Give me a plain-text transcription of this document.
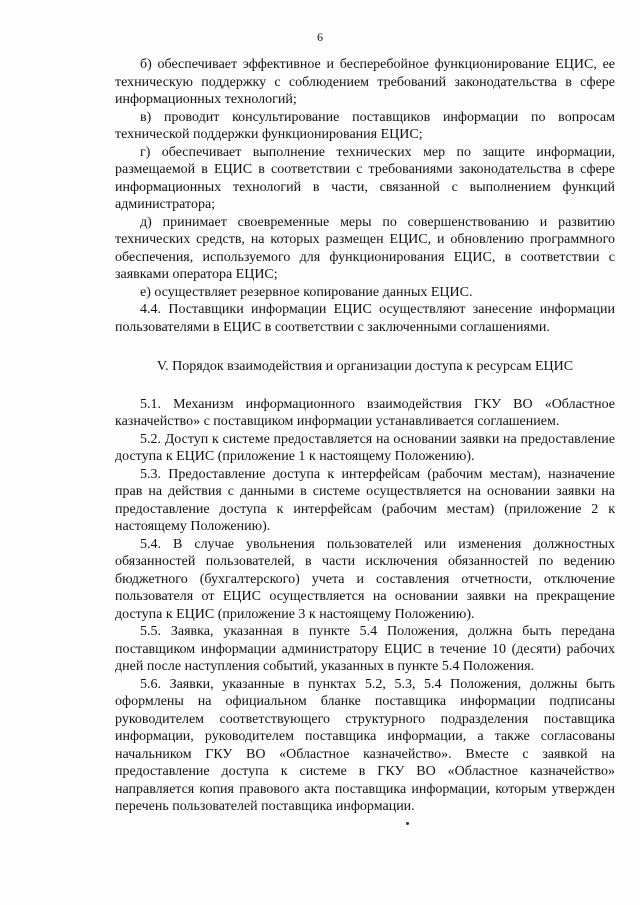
6

б) обеспечивает эффективное и бесперебойное функционирование ЕЦИС, ее техническую поддержку с соблюдением требований законодательства в сфере информационных технологий;

в) проводит консультирование поставщиков информации по вопросам технической поддержки функционирования ЕЦИС;

г) обеспечивает выполнение технических мер по защите информации, размещаемой в ЕЦИС в соответствии с требованиями законодательства в сфере информационных технологий в части, связанной с выполнением функций администратора;

д) принимает своевременные меры по совершенствованию и развитию технических средств, на которых размещен ЕЦИС, и обновлению программного обеспечения, используемого для функционирования ЕЦИС, в соответствии с заявками оператора ЕЦИС;

е) осуществляет резервное копирование данных ЕЦИС.

4.4. Поставщики информации ЕЦИС осуществляют занесение информации пользователями в ЕЦИС в соответствии с заключенными соглашениями.

V. Порядок взаимодействия и организации доступа к ресурсам ЕЦИС

5.1. Механизм информационного взаимодействия ГКУ ВО «Областное казначейство» с поставщиком информации устанавливается соглашением.

5.2. Доступ к системе предоставляется на основании заявки на предоставление доступа к ЕЦИС (приложение 1 к настоящему Положению).

5.3. Предоставление доступа к интерфейсам (рабочим местам), назначение прав на действия с данными в системе осуществляется на основании заявки на предоставление доступа к интерфейсам (рабочим местам) (приложение 2 к настоящему Положению).

5.4. В случае увольнения пользователей или изменения должностных обязанностей пользователей, в части исключения обязанностей по ведению бюджетного (бухгалтерского) учета и составления отчетности, отключение пользователя от ЕЦИС осуществляется на основании заявки на прекращение доступа к ЕЦИС (приложение 3 к настоящему Положению).

5.5. Заявка, указанная в пункте 5.4 Положения, должна быть передана поставщиком информации администратору ЕЦИС в течение 10 (десяти) рабочих дней после наступления событий, указанных в пункте 5.4 Положения.

5.6. Заявки, указанные в пунктах 5.2, 5.3, 5.4 Положения, должны быть оформлены на официальном бланке поставщика информации подписаны руководителем соответствующего структурного подразделения поставщика информации, руководителем поставщика информации, а также согласованы начальником ГКУ ВО «Областное казначейство». Вместе с заявкой на предоставление доступа к системе в ГКУ ВО «Областное казначейство» направляется копия правового акта поставщика информации, которым утвержден перечень пользователей поставщика информации.
